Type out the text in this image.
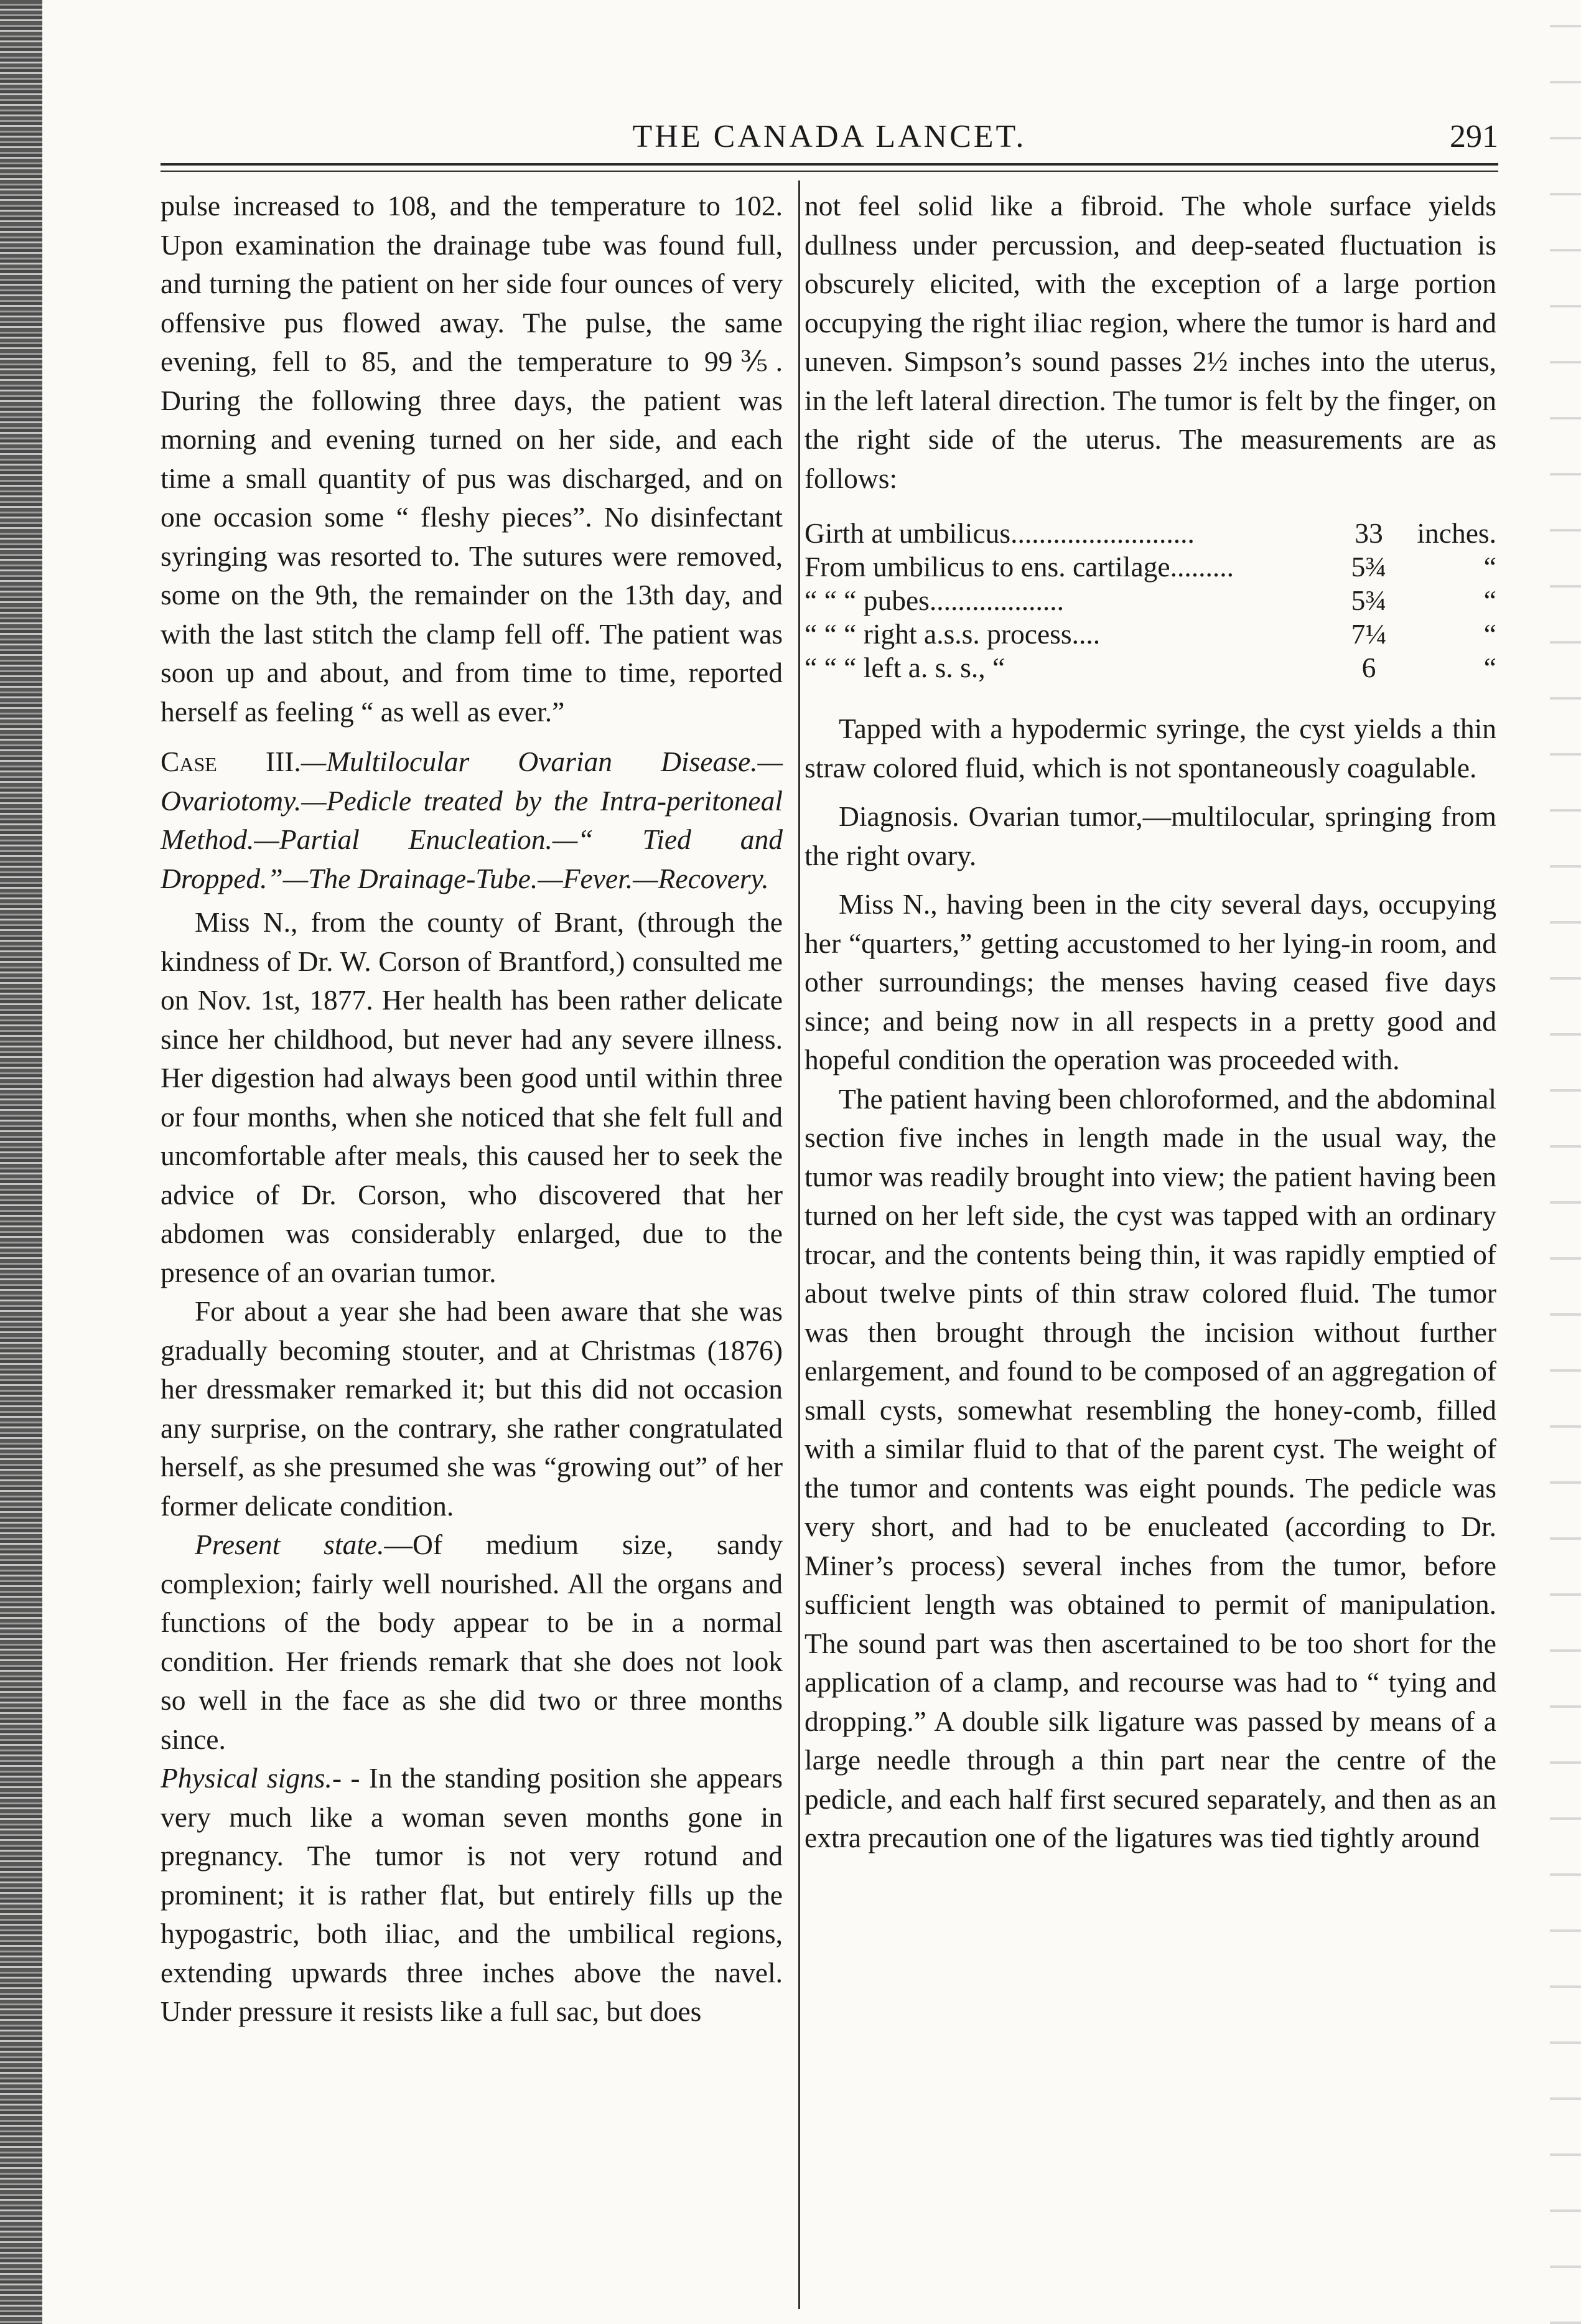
THE CANADA LANCET.	291

pulse increased to 108, and the temperature to 102. Upon examination the drainage tube was found full, and turning the patient on her side four ounces of very offensive pus flowed away. The pulse, the same evening, fell to 85, and the temperature to 99⅗. During the following three days, the patient was morning and evening turned on her side, and each time a small quantity of pus was discharged, and on one occasion some “ fleshy pieces”. No disinfectant syringing was resorted to. The sutures were removed, some on the 9th, the remainder on the 13th day, and with the last stitch the clamp fell off. The patient was soon up and about, and from time to time, reported herself as feeling “ as well as ever.”

Case III.—Multilocular Ovarian Disease.— Ovariotomy.—Pedicle treated by the Intra-peritoneal Method.—Partial Enucleation.—“ Tied and Dropped.”—The Drainage-Tube.—Fever.—Recovery.

Miss N., from the county of Brant, (through the kindness of Dr. W. Corson of Brantford,) consulted me on Nov. 1st, 1877. Her health has been rather delicate since her childhood, but never had any severe illness. Her digestion had always been good until within three or four months, when she noticed that she felt full and uncomfortable after meals, this caused her to seek the advice of Dr. Corson, who discovered that her abdomen was considerably enlarged, due to the presence of an ovarian tumor.

For about a year she had been aware that she was gradually becoming stouter, and at Christmas (1876) her dressmaker remarked it; but this did not occasion any surprise, on the contrary, she rather congratulated herself, as she presumed she was “growing out” of her former delicate condition.

Present state.—Of medium size, sandy complexion; fairly well nourished. All the organs and functions of the body appear to be in a normal condition. Her friends remark that she does not look so well in the face as she did two or three months since.

Physical signs.- - In the standing position she appears very much like a woman seven months gone in pregnancy. The tumor is not very rotund and prominent; it is rather flat, but entirely fills up the hypogastric, both iliac, and the umbilical regions, extending upwards three inches above the navel. Under pressure it resists like a full sac, but does

not feel solid like a fibroid. The whole surface yields dullness under percussion, and deep-seated fluctuation is obscurely elicited, with the exception of a large portion occupying the right iliac region, where the tumor is hard and uneven. Simpson’s sound passes 2½ inches into the uterus, in the left lateral direction. The tumor is felt by the finger, on the right side of the uterus. The measurements are as follows:

Girth at umbilicus..........................	33	inches.
From umbilicus to ens. cartilage.........	5¾	“
“ “ “ pubes...................	5¾	“
“ “ “ right a.s.s. process....	7¼	“
“ “ “ left a. s. s., “	6	“

Tapped with a hypodermic syringe, the cyst yields a thin straw colored fluid, which is not spontaneously coagulable.

Diagnosis. Ovarian tumor,—multilocular, springing from the right ovary.

Miss N., having been in the city several days, occupying her “quarters,” getting accustomed to her lying-in room, and other surroundings; the menses having ceased five days since; and being now in all respects in a pretty good and hopeful condition the operation was proceeded with.

The patient having been chloroformed, and the abdominal section five inches in length made in the usual way, the tumor was readily brought into view; the patient having been turned on her left side, the cyst was tapped with an ordinary trocar, and the contents being thin, it was rapidly emptied of about twelve pints of thin straw colored fluid. The tumor was then brought through the incision without further enlargement, and found to be composed of an aggregation of small cysts, somewhat resembling the honey-comb, filled with a similar fluid to that of the parent cyst. The weight of the tumor and contents was eight pounds. The pedicle was very short, and had to be enucleated (according to Dr. Miner’s process) several inches from the tumor, before sufficient length was obtained to permit of manipulation. The sound part was then ascertained to be too short for the application of a clamp, and recourse was had to “ tying and dropping.” A double silk ligature was passed by means of a large needle through a thin part near the centre of the pedicle, and each half first secured separately, and then as an extra precaution one of the ligatures was tied tightly around
